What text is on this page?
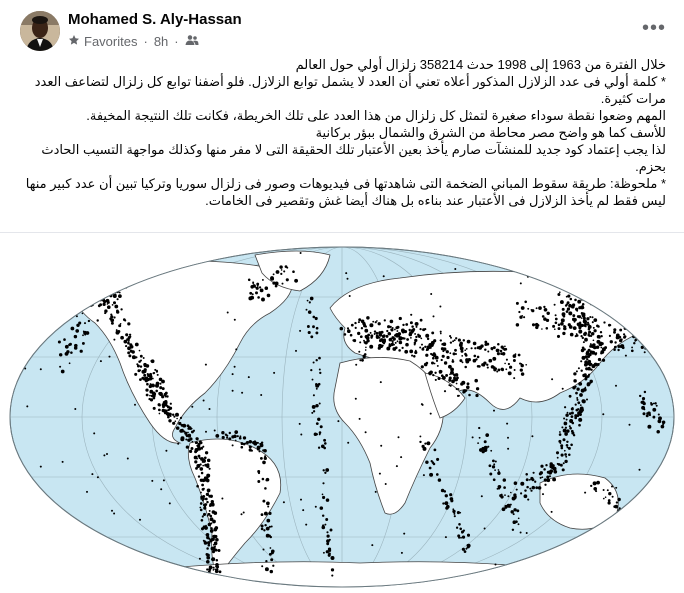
Mohamed S. Aly-Hassan
Favorites · 8h ·
•••

خلال الفترة من 1963 إلى 1998 حدث 358214 زلزال أولي حول العالم

* كلمة أولي فى عدد الزلازل المذكور أعلاه تعني أن العدد لا يشمل توابع الزلازل. فلو أضفنا توابع كل زلزال لتضاعف العدد مرات كثيرة.

المهم وضعوا نقطة سوداء صغيرة لتمثل كل زلزال من هذا العدد على تلك الخريطة، فكانت تلك النتيجة المخيفة.

للأسف كما هو واضح مصر محاطة من الشرق والشمال ببؤر بركانية

لذا يجب إعتماد كود جديد للمنشآت صارم يأخذ بعين الأعتبار تلك الحقيقة التى لا مفر منها وكذلك مواجهة التسيب الحادث بحزم.

* ملحوظة: طريقة سقوط المباني الضخمة التى شاهدتها فى فيديوهات وصور فى زلزال سوريا وتركيا تبين أن عدد كبير منها ليس فقط لم يأخذ الزلازل فى الأعتبار عند بناءه بل هناك أيضا غش وتقصير فى الخامات.
